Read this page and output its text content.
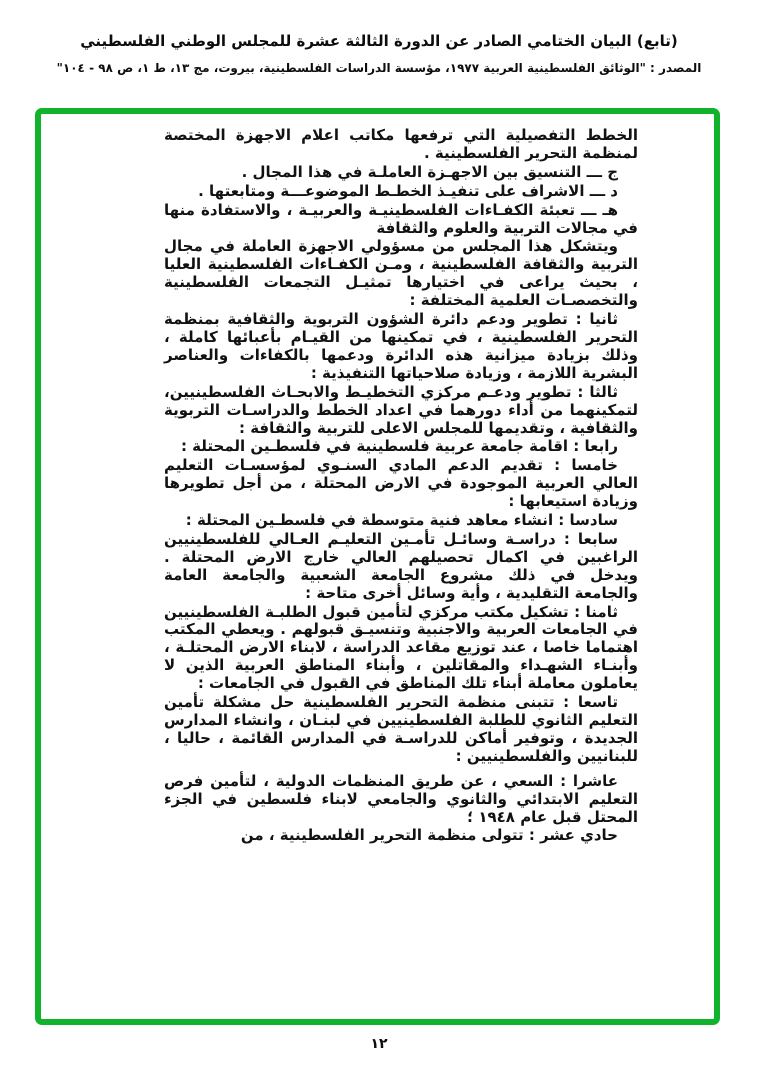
(تابع) البيان الختامي الصادر عن الدورة الثالثة عشرة للمجلس الوطني الفلسطيني
المصدر : "الوثائق الفلسطينية العربية ١٩٧٧، مؤسسة الدراسات الفلسطينية، بيروت، مج ١٣، ط ١، ص ٩٨ - ١٠٤"

الخطط التفصيلية التي ترفعها مكاتب اعلام الاجهزة المختصة لمنظمة التحرير الفلسطينية .

ج ـــ التنسيق بين الاجهـزة العاملـة في هذا المجال .

د ـــ الاشراف على تنفيـذ الخطـط الموضوعـــة ومتابعتها .

هـ ـــ تعبئة الكفـاءات الفلسطينيـة والعربيـة ، والاستفادة منها في مجالات التربية والعلوم والثقافة

ويتشكل هذا المجلس من مسؤولي الاجهزة العاملة في مجال التربية والثقافة الفلسطينية ، ومـن الكفـاءات الفلسطينية العليا ، بحيث يراعى في اختيارها تمثيـل التجمعات الفلسطينية والتخصصـات العلمية المختلفة :

ثانيا : تطوير ودعم دائرة الشؤون التربوية والثقافية بمنظمة التحرير الفلسطينية ، في تمكينها من القيـام بأعبائها كاملة ، وذلك بزيادة ميزانية هذه الدائرة ودعمها بالكفاءات والعناصر البشرية اللازمة ، وزيادة صلاحياتها التنفيذية :

ثالثا : تطوير ودعـم مركزي التخطيـط والابحـاث الفلسطينيين، لتمكينهما من أداء دورهما في اعداد الخطط والدراسـات التربوية والثقافية ، وتقديمها للمجلس الاعلى للتربية والثقافة :

رابعا : اقامة جامعة عربية فلسطينية في فلسطـين المحتلة :

خامسا : تقديم الدعم المادي السنـوي لمؤسسـات التعليم العالي العربية الموجودة في الارض المحتلة ، من أجل تطويرها وزيادة استيعابها :

سادسا : انشاء معاهد فنية متوسطة في فلسطـين المحتلة :

سابعا : دراسـة وسائـل تأمـين التعليـم العـالي للفلسطينيين الراغبين في اكمال تحصيلهم العالي خارج الارض المحتلة . ويدخل في ذلك مشروع الجامعة الشعبية والجامعة العامة والجامعة التقليدية ، وأية وسائل أخرى متاحة :

ثامنا : تشكيل مكتب مركزي لتأمين قبول الطلبـة الفلسطينيين في الجامعات العربية والاجنبية وتنسيـق قبولهم . ويعطي المكتب اهتماما خاصا ، عند توزيع مقاعد الدراسة ، لابناء الارض المحتلـة ، وأبنـاء الشهـداء والمقاتلين ، وأبناء المناطق العربية الذين لا يعاملون معاملة أبناء تلك المناطق في القبول في الجامعات :

تاسعا : تتبنى منظمة التحرير الفلسطينية حل مشكلة تأمين التعليم الثانوي للطلبة الفلسطينيين في لبنـان ، وانشاء المدارس الجديدة ، وتوفير أماكن للدراسـة في المدارس القائمة ، حاليا ، للبنانيين والفلسطينيين :

عاشرا : السعي ، عن طريق المنظمات الدولية ، لتأمين فرص التعليم الابتدائي والثانوي والجامعي لابناء فلسطين في الجزء المحتل قبل عام ١٩٤٨ ؛

حادي عشر : تتولى منظمة التحرير الفلسطينية ، من

١٢
